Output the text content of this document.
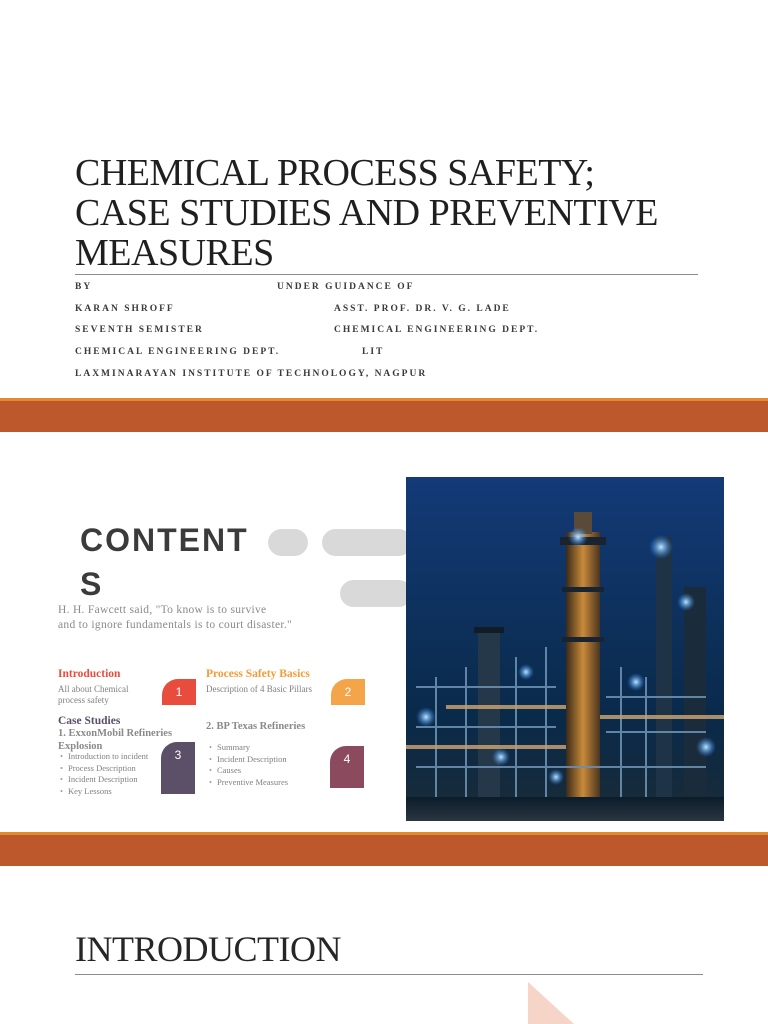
CHEMICAL PROCESS SAFETY;
CASE STUDIES AND PREVENTIVE
MEASURES
BY	UNDER GUIDANCE OF
KARAN SHROFF	ASST. PROF. DR. V. G. LADE
SEVENTH SEMISTER	CHEMICAL ENGINEERING DEPT.
CHEMICAL ENGINEERING DEPT.	LIT
LAXMINARAYAN INSTITUTE OF TECHNOLOGY, NAGPUR
CONTENT
S
H. H. Fawcett said, "To know is to survive
and to ignore fundamentals is to court disaster."
Introduction
All about Chemical
process safety
1
Process Safety Basics
Description of 4 Basic Pillars	2
Case Studies
1. ExxonMobil Refineries Explosion
• Introduction to incident
• Process Description
• Incident Description
• Key Lessons
3
2. BP Texas Refineries
• Summary
• Incident Description
• Causes
• Preventive Measures
4
INTRODUCTION
